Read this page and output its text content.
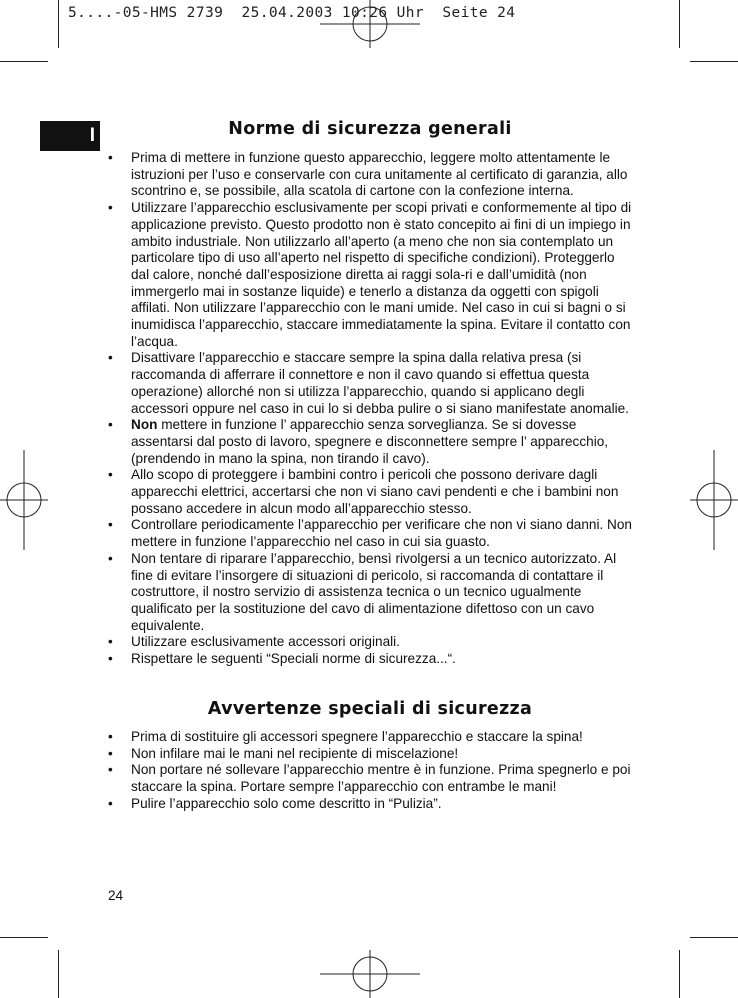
5....-05-HMS 2739  25.04.2003 10:26 Uhr  Seite 24
I	Norme di sicurezza generali
• Prima di mettere in funzione questo apparecchio, leggere molto attentamente le istruzioni per l’uso e conservarle con cura unitamente al certificato di garanzia, allo scontrino e, se possibile, alla scatola di cartone con la confezione interna.
• Utilizzare l’apparecchio esclusivamente per scopi privati e conformemente al tipo di applicazione previsto. Questo prodotto non è stato concepito ai fini di un impiego in ambito industriale. Non utilizzarlo all’aperto (a meno che non sia contemplato un particolare tipo di uso all’aperto nel rispetto di specifiche condizioni). Proteggerlo dal calore, nonché dall’esposizione diretta ai raggi sola-ri e dall’umidità (non immergerlo mai in sostanze liquide) e tenerlo a distanza da oggetti con spigoli affilati. Non utilizzare l’apparecchio con le mani umide. Nel caso in cui si bagni o si inumidisca l’apparecchio, staccare immediatamente la spina. Evitare il contatto con l’acqua.
• Disattivare l’apparecchio e staccare sempre la spina dalla relativa presa (si raccomanda di afferrare il connettore e non il cavo quando si effettua questa operazione) allorché non si utilizza l’apparecchio, quando si applicano degli accessori oppure nel caso in cui lo si debba pulire o si siano manifestate anomalie.
• Non mettere in funzione l’ apparecchio senza sorveglianza. Se si dovesse assentarsi dal posto di lavoro, spegnere e disconnettere sempre l’ apparecchio, (prendendo in mano la spina, non tirando il cavo).
• Allo scopo di proteggere i bambini contro i pericoli che possono derivare dagli apparecchi elettrici, accertarsi che non vi siano cavi pendenti e che i bambini non possano accedere in alcun modo all’apparecchio stesso.
• Controllare periodicamente l’apparecchio per verificare che non vi siano danni. Non mettere in funzione l’apparecchio nel caso in cui sia guasto.
• Non tentare di riparare l’apparecchio, bensì rivolgersi a un tecnico autorizzato. Al fine di evitare l’insorgere di situazioni di pericolo, si raccomanda di contattare il costruttore, il nostro servizio di assistenza tecnica o un tecnico ugualmente qualificato per la sostituzione del cavo di alimentazione difettoso con un cavo equivalente.
• Utilizzare esclusivamente accessori originali.
• Rispettare le seguenti “Speciali norme di sicurezza...“.
Avvertenze speciali di sicurezza
• Prima di sostituire gli accessori spegnere l’apparecchio e staccare la spina!
• Non infilare mai le mani nel recipiente di miscelazione!
• Non portare né sollevare l’apparecchio mentre è in funzione. Prima spegnerlo e poi staccare la spina. Portare sempre l’apparecchio con entrambe le mani!
• Pulire l’apparecchio solo come descritto in “Pulizia”.
24
